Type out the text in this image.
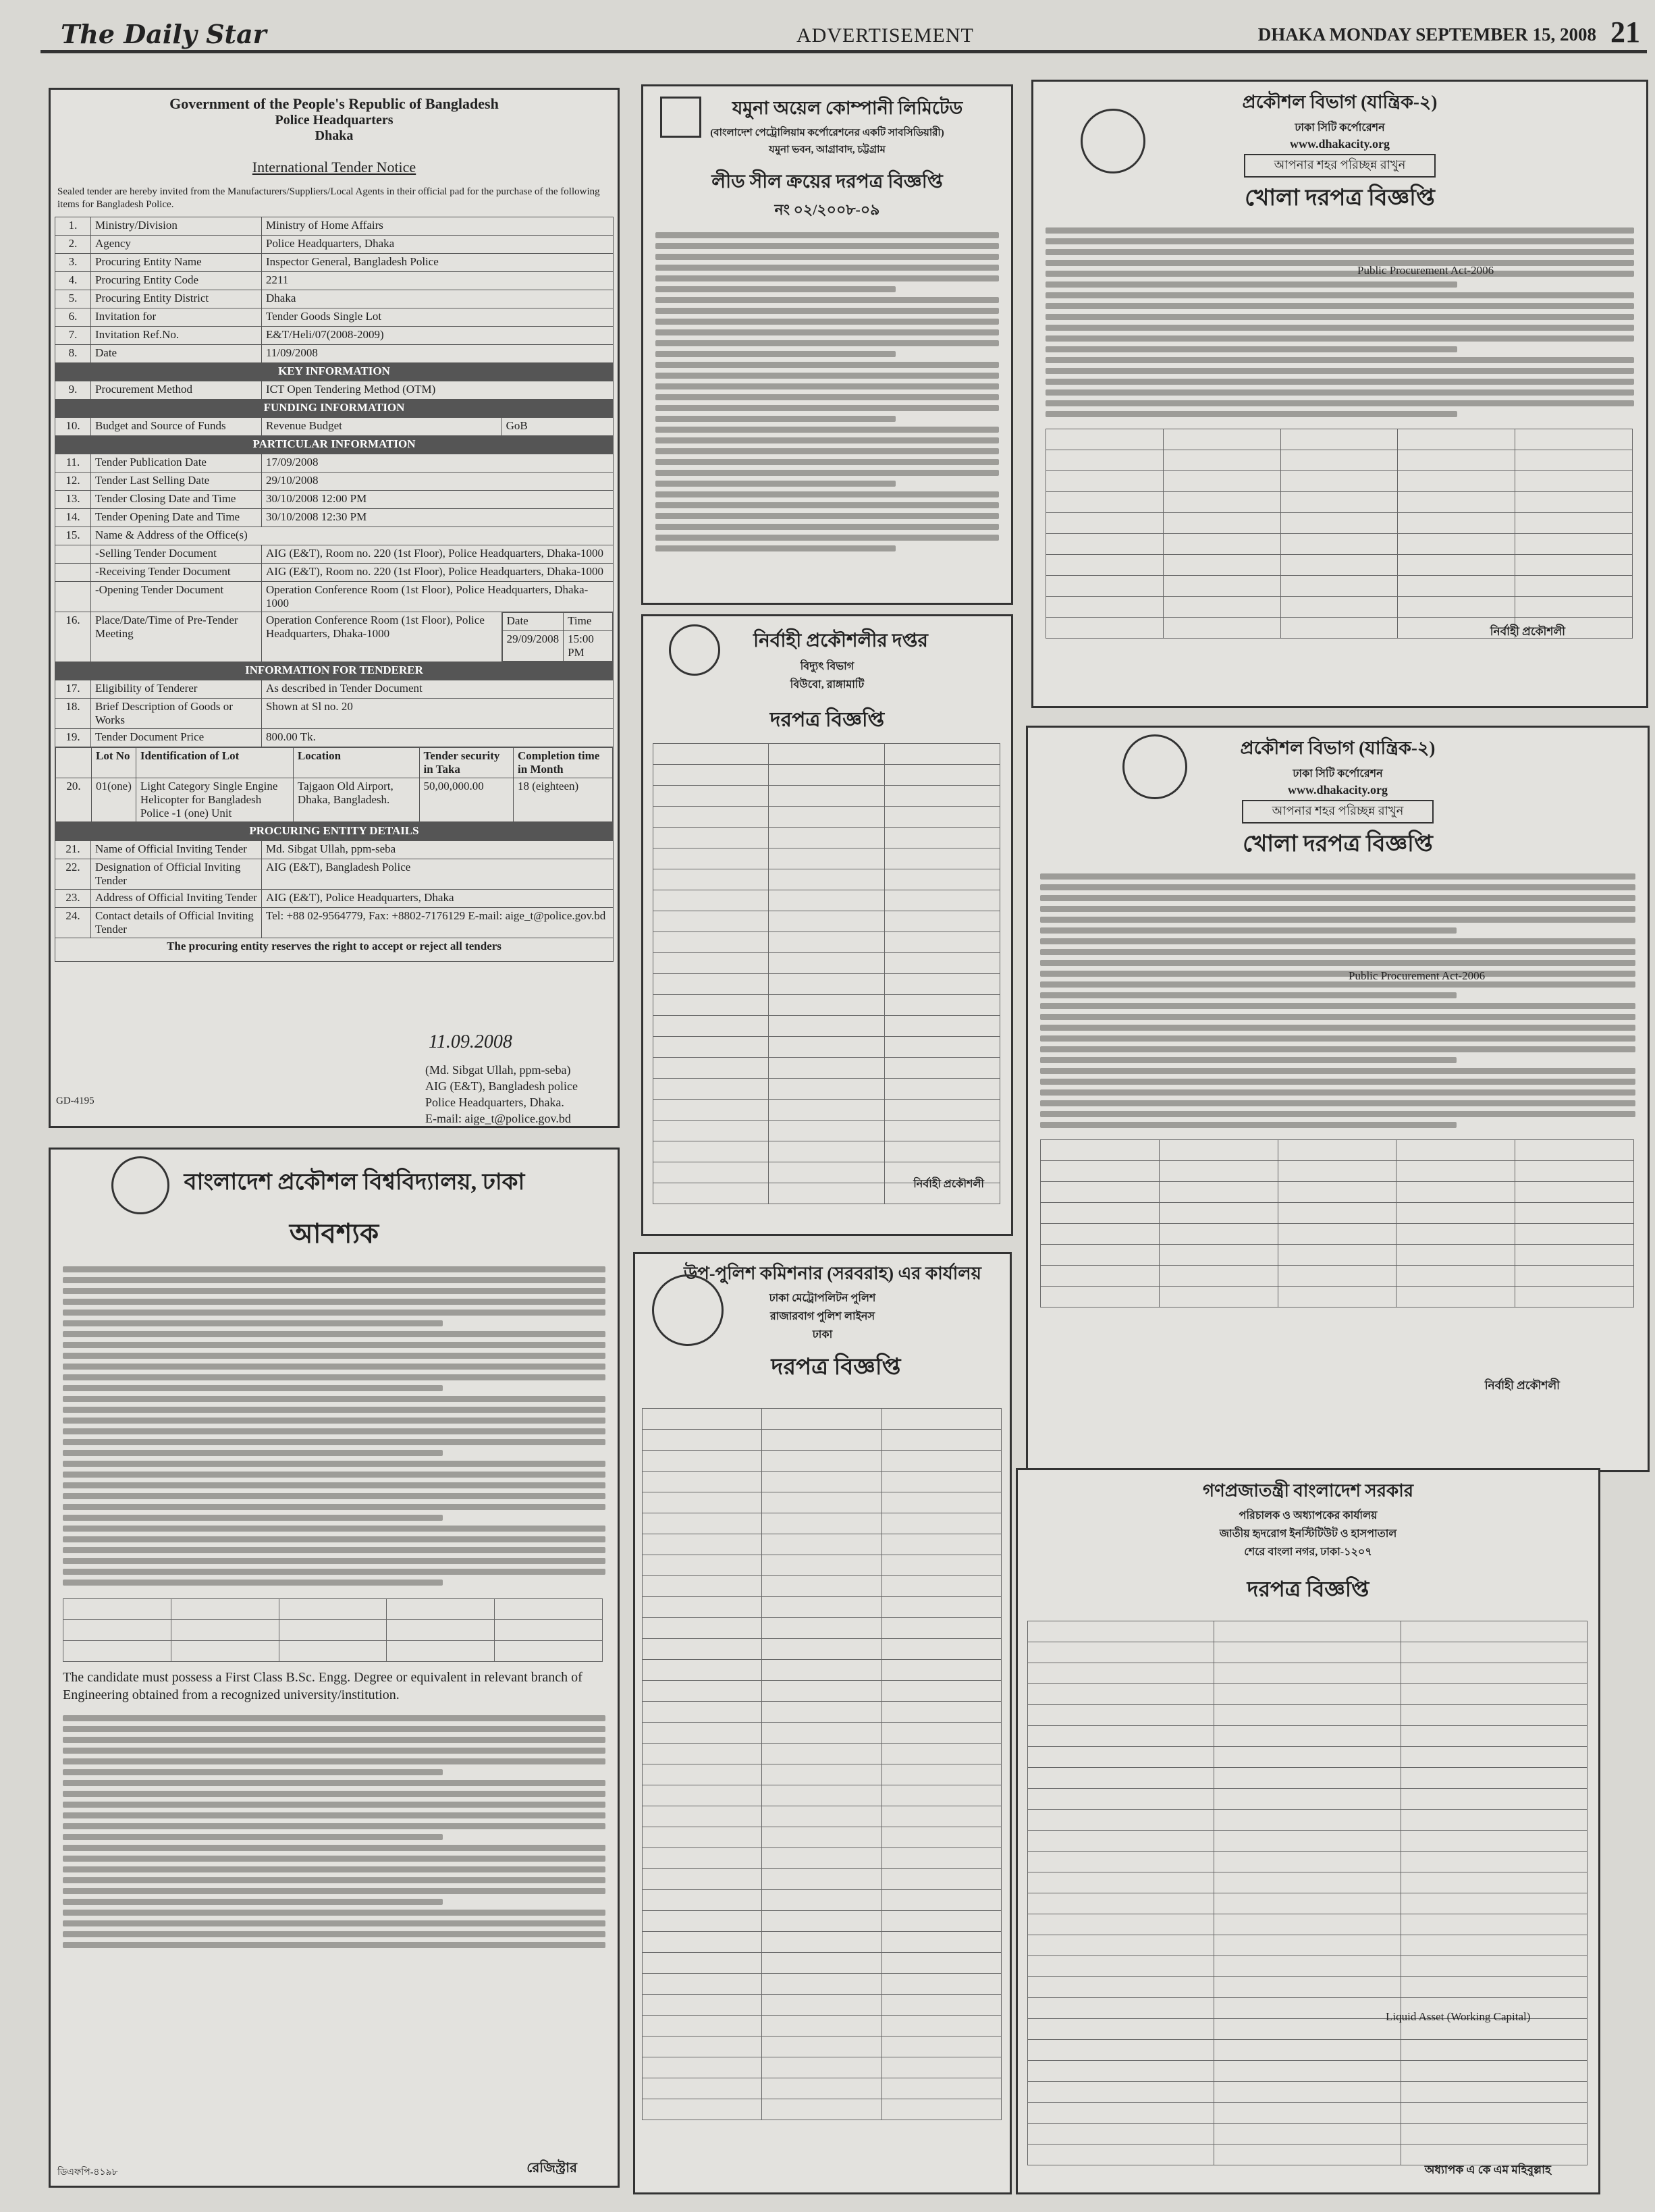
The Daily Star	ADVERTISEMENT	DHAKA MONDAY SEPTEMBER 15, 2008 21
Government of the People's Republic of Bangladesh
Police Headquarters
Dhaka
International Tender Notice
Sealed tender are hereby invited from the Manufacturers/Suppliers/Local Agents in their official pad for the purchase of the following items for Bangladesh Police.
1.	Ministry/Division	Ministry of Home Affairs
2.	Agency	Police Headquarters, Dhaka
3.	Procuring Entity Name	Inspector General, Bangladesh Police
4.	Procuring Entity Code	2211
5.	Procuring Entity District	Dhaka
6.	Invitation for	Tender Goods Single Lot
7.	Invitation Ref.No.	E&T/Heli/07(2008-2009)
8.	Date	11/09/2008
KEY INFORMATION
9.	Procurement Method	ICT Open Tendering Method (OTM)
FUNDING INFORMATION
10.	Budget and Source of Funds	Revenue Budget	GoB
PARTICULAR INFORMATION
11.	Tender Publication Date	17/09/2008
12.	Tender Last Selling Date	29/10/2008
13.	Tender Closing Date and Time	30/10/2008 12:00 PM
14.	Tender Opening Date and Time	30/10/2008 12:30 PM
15.	Name & Address of the Office(s)
	-Selling Tender Document	AIG (E&T), Room no. 220 (1st Floor), Police Headquarters, Dhaka-1000
	-Receiving Tender Document	AIG (E&T), Room no. 220 (1st Floor), Police Headquarters, Dhaka-1000
	-Opening Tender Document	Operation Conference Room (1st Floor), Police Headquarters, Dhaka-1000
16.	Place/Date/Time of Pre-Tender Meeting	Operation Conference Room (1st Floor), Police Headquarters, Dhaka-1000	
Date	Time
29/09/2008	15:00 PM

INFORMATION FOR TENDERER
17.	Eligibility of Tenderer	As described in Tender Document
18.	Brief Description of Goods or Works	Shown at Sl no. 20
19.	Tender Document Price	800.00 Tk.

	Lot No	Identification of Lot	Location	Tender security in Taka	Completion time in Month
20.	01(one)	Light Category Single Engine Helicopter for Bangladesh Police -1 (one) Unit	Tajgaon Old Airport, Dhaka, Bangladesh.	50,00,000.00	18 (eighteen)

PROCURING ENTITY DETAILS
21.	Name of Official Inviting Tender	Md. Sibgat Ullah, ppm-seba
22.	Designation of Official Inviting Tender	AIG (E&T), Bangladesh Police
23.	Address of Official Inviting Tender	AIG (E&T), Police Headquarters, Dhaka
24.	Contact details of Official Inviting Tender	Tel: +88 02-9564779, Fax: +8802-7176129 E-mail: aige_t@police.gov.bd
The procuring entity reserves the right to accept or reject all tenders
11.09.2008
(Md. Sibgat Ullah, ppm-seba)
AIG (E&T), Bangladesh police
Police Headquarters, Dhaka.
E-mail: aige_t@police.gov.bd
GD-4195
বাংলাদেশ প্রকৌশল বিশ্ববিদ্যালয়, ঢাকা
আবশ্যক

The candidate must possess a First Class B.Sc. Engg. Degree or equivalent in relevant branch of
Engineering obtained from a recognized university/institution.
ডিএফপি-৪১৯৮	রেজিস্ট্রার
যমুনা অয়েল কোম্পানী লিমিটেড
(বাংলাদেশ পেট্রোলিয়াম কর্পোরেশনের একটি সাবসিডিয়ারী)
যমুনা ভবন, আগ্রাবাদ, চট্টগ্রাম
লীড সীল ক্রয়ের দরপত্র বিজ্ঞপ্তি
নং ০২/২০০৮-০৯
নির্বাহী প্রকৌশলীর দপ্তর
বিদ্যুৎ বিভাগ
বিউবো, রাঙ্গামাটি
দরপত্র বিজ্ঞপ্তি

নির্বাহী প্রকৌশলী
উপ-পুলিশ কমিশনার (সরবরাহ) এর কার্যালয়
ঢাকা মেট্রোপলিটন পুলিশ
রাজারবাগ পুলিশ লাইনস
ঢাকা
দরপত্র বিজ্ঞপ্তি

প্রকৌশল বিভাগ (যান্ত্রিক-২)
ঢাকা সিটি কর্পোরেশন
www.dhakacity.org
আপনার শহর পরিচ্ছন্ন রাখুন
খোলা দরপত্র বিজ্ঞপ্তি
Public Procurement Act-2006

নির্বাহী প্রকৌশলী
প্রকৌশল বিভাগ (যান্ত্রিক-২)
ঢাকা সিটি কর্পোরেশন
www.dhakacity.org
আপনার শহর পরিচ্ছন্ন রাখুন
খোলা দরপত্র বিজ্ঞপ্তি
Public Procurement Act-2006

নির্বাহী প্রকৌশলী
গণপ্রজাতন্ত্রী বাংলাদেশ সরকার
পরিচালক ও অধ্যাপকের কার্যালয়
জাতীয় হৃদরোগ ইনস্টিটিউট ও হাসপাতাল
শেরে বাংলা নগর, ঢাকা-১২০৭
দরপত্র বিজ্ঞপ্তি

Liquid Asset (Working Capital)
অধ্যাপক এ কে এম মহিবুল্লাহ
